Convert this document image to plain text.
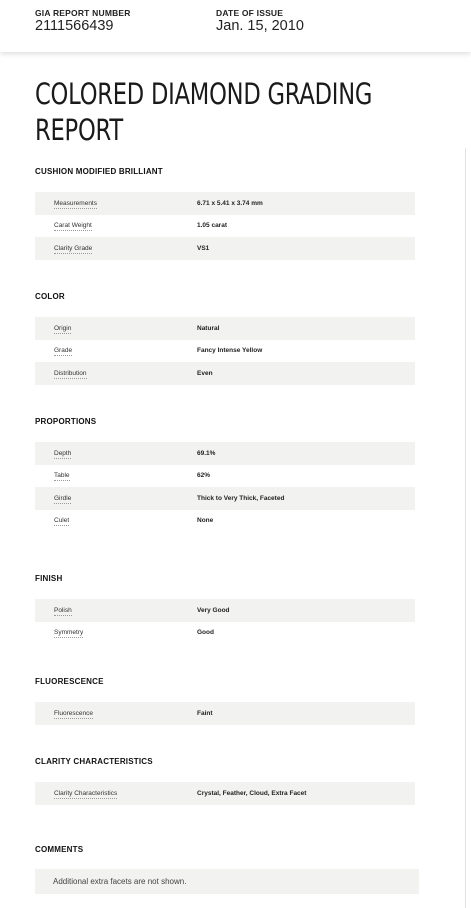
GIA REPORT NUMBER
2111566439
DATE OF ISSUE
Jan. 15, 2010
COLORED DIAMOND GRADING
REPORT
CUSHION MODIFIED BRILLIANT
Measurements	6.71 x 5.41 x 3.74 mm
Carat Weight	1.05 carat
Clarity Grade	VS1
COLOR
Origin	Natural
Grade	Fancy Intense Yellow
Distribution	Even
PROPORTIONS
Depth	69.1%
Table	62%
Girdle	Thick to Very Thick, Faceted
Culet	None
FINISH
Polish	Very Good
Symmetry	Good
FLUORESCENCE
Fluorescence	Faint
CLARITY CHARACTERISTICS
Clarity Characteristics	Crystal, Feather, Cloud, Extra Facet
COMMENTS
Additional extra facets are not shown.
